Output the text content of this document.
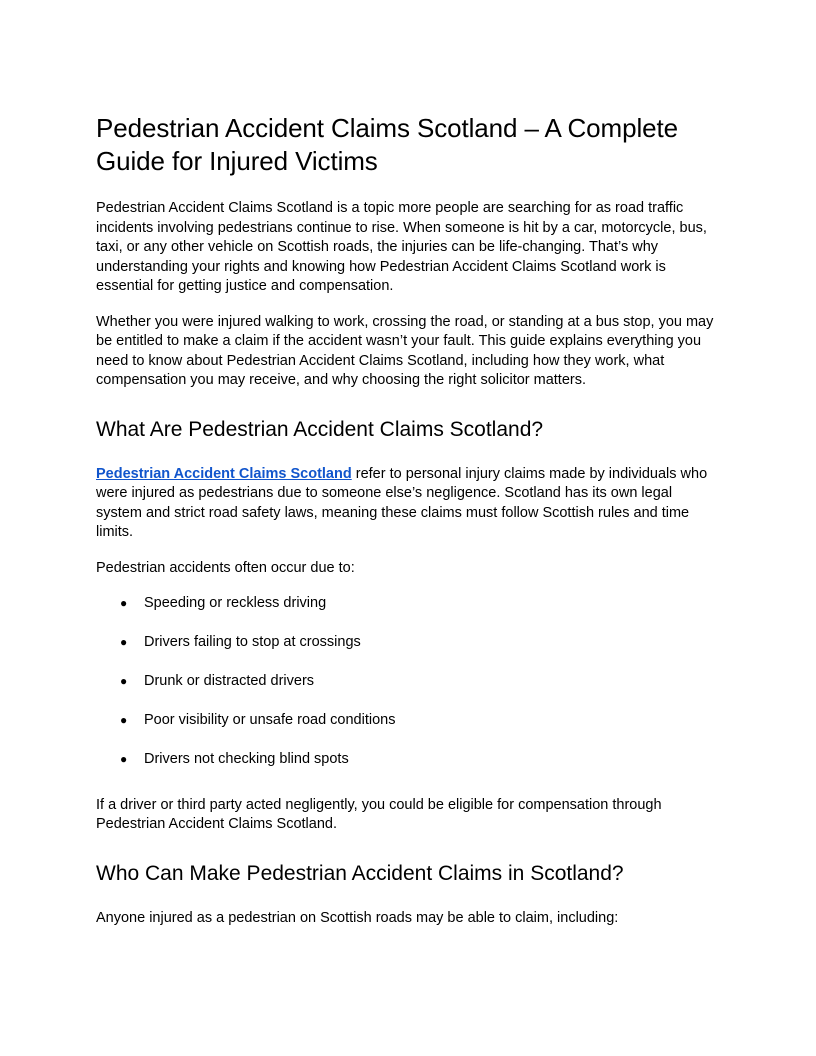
Pedestrian Accident Claims Scotland – A Complete Guide for Injured Victims

Pedestrian Accident Claims Scotland is a topic more people are searching for as road traffic incidents involving pedestrians continue to rise. When someone is hit by a car, motorcycle, bus, taxi, or any other vehicle on Scottish roads, the injuries can be life-changing. That’s why understanding your rights and knowing how Pedestrian Accident Claims Scotland work is essential for getting justice and compensation.

Whether you were injured walking to work, crossing the road, or standing at a bus stop, you may be entitled to make a claim if the accident wasn’t your fault. This guide explains everything you need to know about Pedestrian Accident Claims Scotland, including how they work, what compensation you may receive, and why choosing the right solicitor matters.

What Are Pedestrian Accident Claims Scotland?

Pedestrian Accident Claims Scotland refer to personal injury claims made by individuals who were injured as pedestrians due to someone else’s negligence. Scotland has its own legal system and strict road safety laws, meaning these claims must follow Scottish rules and time limits.

Pedestrian accidents often occur due to:

● Speeding or reckless driving
● Drivers failing to stop at crossings
● Drunk or distracted drivers
● Poor visibility or unsafe road conditions
● Drivers not checking blind spots

If a driver or third party acted negligently, you could be eligible for compensation through Pedestrian Accident Claims Scotland.

Who Can Make Pedestrian Accident Claims in Scotland?

Anyone injured as a pedestrian on Scottish roads may be able to claim, including:
